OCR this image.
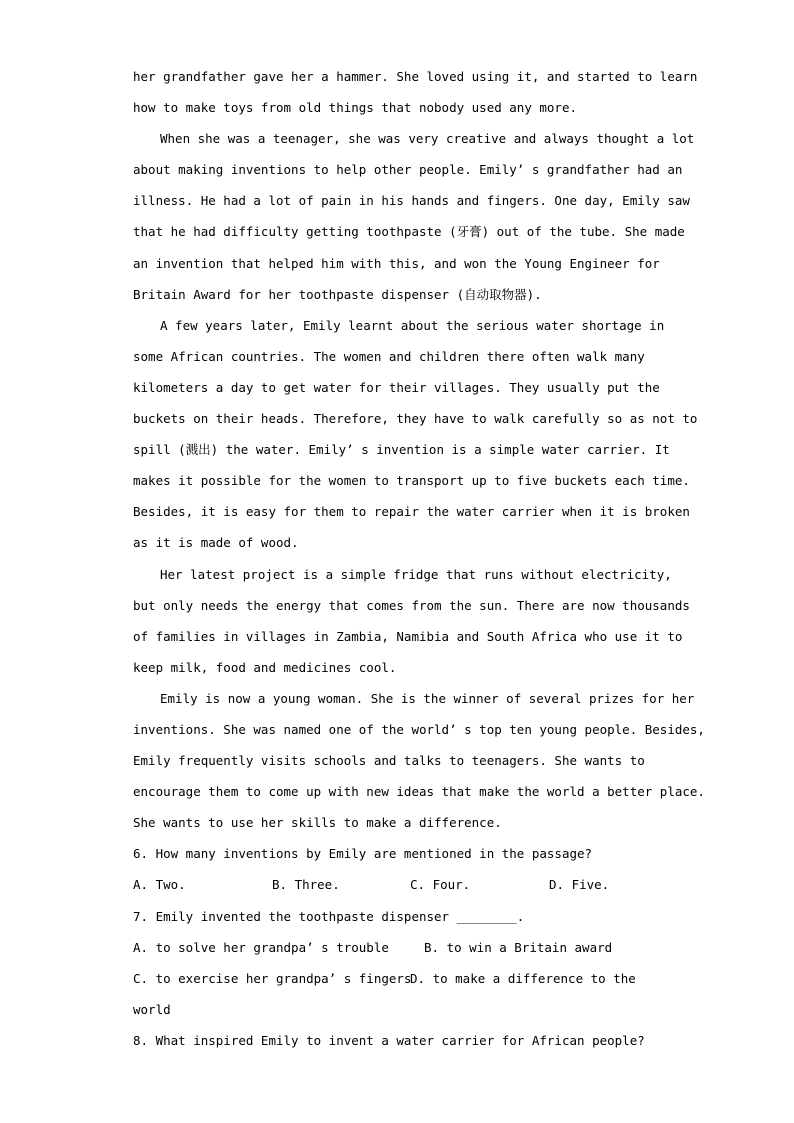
her grandfather gave her a hammer. She loved using it, and started to learn
how to make toys from old things that nobody used any more.
When she was a teenager, she was very creative and always thought a lot
about making inventions to help other people. Emily’ s grandfather had an
illness. He had a lot of pain in his hands and fingers. One day, Emily saw
that he had difficulty getting toothpaste (牙膏) out of the tube. She made
an invention that helped him with this, and won the Young Engineer for
Britain Award for her toothpaste dispenser (自动取物器).
A few years later, Emily learnt about the serious water shortage in
some African countries. The women and children there often walk many
kilometers a day to get water for their villages. They usually put the
buckets on their heads. Therefore, they have to walk carefully so as not to
spill (溅出) the water. Emily’ s invention is a simple water carrier. It
makes it possible for the women to transport up to five buckets each time.
Besides, it is easy for them to repair the water carrier when it is broken
as it is made of wood.
Her latest project is a simple fridge that runs without electricity,
but only needs the energy that comes from the sun. There are now thousands
of families in villages in Zambia, Namibia and South Africa who use it to
keep milk, food and medicines cool.
Emily is now a young woman. She is the winner of several prizes for her
inventions. She was named one of the world’ s top ten young people. Besides,
Emily frequently visits schools and talks to teenagers. She wants to
encourage them to come up with new ideas that make the world a better place.
She wants to use her skills to make a difference.
6. How many inventions by Emily are mentioned in the passage?

A. Two.

	B. Three.

	C. Four.

	D. Five.

7. Emily invented the toothpaste dispenser ________.

A. to solve her grandpa’ s trouble

	B. to win a Britain award

C. to exercise her grandpa’ s fingers

D. to make a difference to the

world
8. What inspired Emily to invent a water carrier for African people?
